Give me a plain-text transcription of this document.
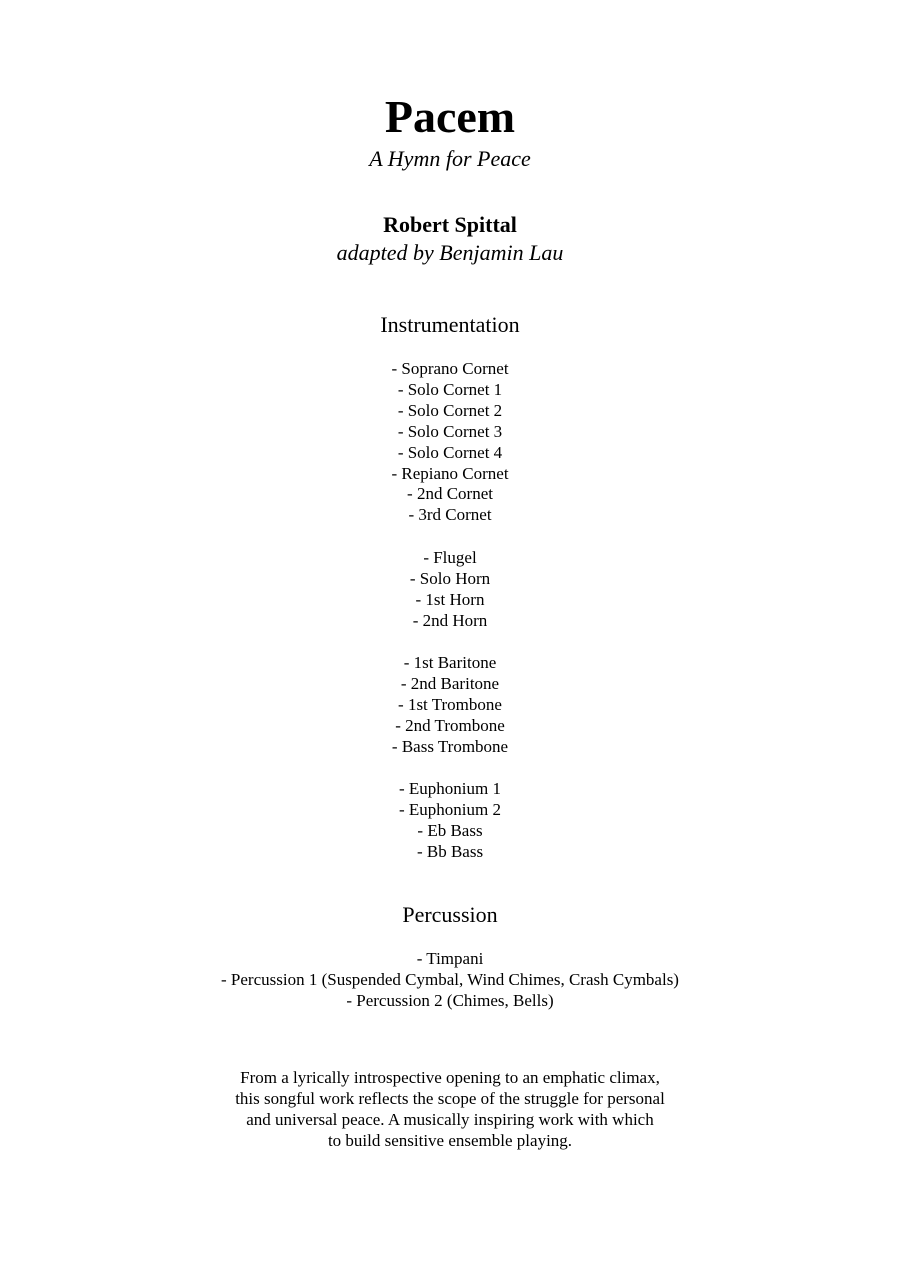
Pacem
A Hymn for Peace
Robert Spittal
adapted by Benjamin Lau
Instrumentation
- Soprano Cornet
- Solo Cornet 1
- Solo Cornet 2
- Solo Cornet 3
- Solo Cornet 4
- Repiano Cornet
- 2nd Cornet
- 3rd Cornet
- Flugel
- Solo Horn
- 1st Horn
- 2nd Horn
- 1st Baritone
- 2nd Baritone
- 1st Trombone
- 2nd Trombone
- Bass Trombone
- Euphonium 1
- Euphonium 2
- Eb Bass
- Bb Bass
Percussion
- Timpani
- Percussion 1 (Suspended Cymbal, Wind Chimes, Crash Cymbals)
- Percussion 2 (Chimes, Bells)
From a lyrically introspective opening to an emphatic climax,
this songful work reflects the scope of the struggle for personal
and universal peace. A musically inspiring work with which
to build sensitive ensemble playing.
